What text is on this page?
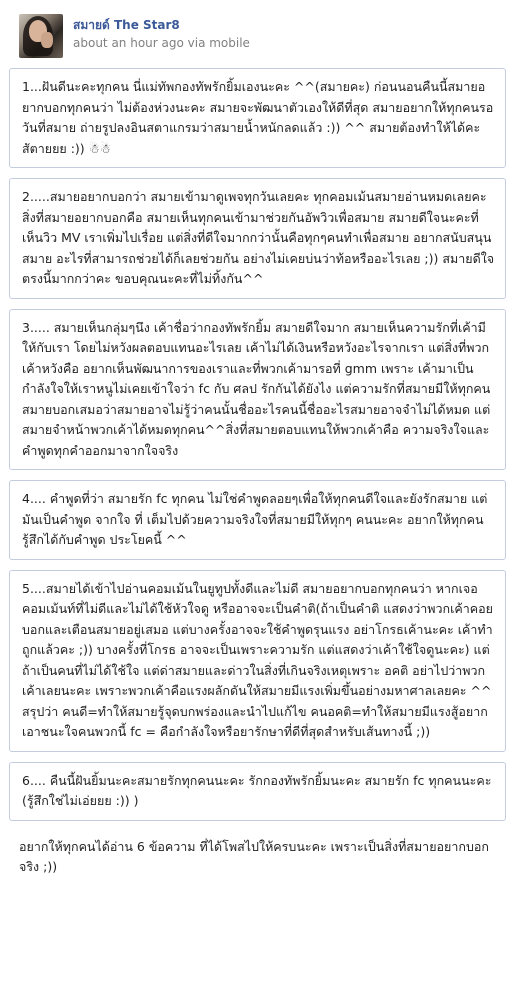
สมายด์ The Star8
about an hour ago via mobile

1...ฝันดีนะคะทุกคน นี่แม่ทัพกองทัพรักยิ้มเองนะคะ ^^(สมายคะ) ก่อนนอนคืนนี้สมายอยากบอกทุกคนว่า ไม่ต้องห่วงนะคะ สมายจะพัฒนาตัวเองให้ดีที่สุด สมายอยากให้ทุกคนรอวันที่สมาย ถ่ายรูปลงอินสตาแกรมว่าสมายน้ำหนักลดแล้ว :)) ^^ สมายต้องทำให้ได้คะ สัตายยย :)) ☃☃

2.....สมายอยากบอกว่า สมายเข้ามาดูเพจทุกวันเลยคะ ทุกคอมเม้นสมายอ่านหมดเลยคะ สิ่งที่สมายอยากบอกคือ สมายเห็นทุกคนเข้ามาช่วยกันอัพวิวเพื่อสมาย สมายดีใจนะคะที่เห็นวิว MV เราเพิ่มไปเรื่อย แต่สิ่งที่ดีใจมากกว่านั้นคือทุกๆคนทำเพื่อสมาย อยากสนับสนุนสมาย อะไรที่สามารถช่วยได้ก็เลยช่วยกัน อย่างไม่เคยบ่นว่าท้อหรืออะไรเลย ;)) สมายดีใจตรงนี้มากกว่าคะ ขอบคุณนะคะที่ไม่ทิ้งกัน^^

3..... สมายเห็นกลุ่มๆนึง เค้าชื่อว่ากองทัพรักยิ้ม สมายดีใจมาก สมายเห็นความรักที่เค้ามีให้กับเรา โดยไม่หวังผลตอบแทนอะไรเลย เค้าไม่ได้เงินหรือหวังอะไรจากเรา แต่สิ่งที่พวกเค้าหวังคือ อยากเห็นพัฒนาการของเราและที่พวกเค้ามารอที่ gmm เพราะ เค้ามาเป็นกำลังใจให้เราหนูไม่เคยเข้าใจว่า fc กับ ศลป รักกันได้ยังไง แต่ความรักที่สมายมีให้ทุกคน สมายบอกเสมอว่าสมายอาจไม่รู้ว่าคนนั้นชื่ออะไรคนนี้ชื่ออะไรสมายอาจจำไม่ได้หมด แต่สมายจำหน้าพวกเค้าได้หมดทุกคน^^สิ่งที่สมายตอบแทนให้พวกเค้าคือ ความจริงใจและคำพูดทุกคำออกมาจากใจจริง

4.... คำพูดที่ว่า สมายรัก fc ทุกคน ไม่ใช่คำพูดลอยๆเพื่อให้ทุกคนดีใจและยังรักสมาย แต่มันเป็นคำพูด จากใจ ที่ เต็มไปด้วยความจริงใจที่สมายมีให้ทุกๆ คนนะคะ อยากให้ทุกคนรู้สึกได้กับคำพูด ประโยคนี้ ^^

5....สมายได้เข้าไปอ่านคอมเม้นในยูทูปทั้งดีและไม่ดี สมายอยากบอกทุกคนว่า หากเจอคอมเม้นท์ที่ไม่ดีและไม่ได้ใช้หัวใจดู หรืออาจจะเป็นคำติ(ถ้าเป็นคำติ แสดงว่าพวกเค้าคอยบอกและเตือนสมายอยู่เสมอ แต่บางครั้งอาจจะใช้คำพูดรุนแรง อย่าโกรธเค้านะคะ เค้าทำถูกแล้วคะ ;)) บางครั้งที่โกรธ อาจจะเป็นเพราะความรัก แต่แสดงว่าเค้าใช้ใจดูนะคะ) แต่ถ้าเป็นคนที่ไม่ได้ใช้ใจ แต่ด่าสมายและด่าวในสิ่งที่เกินจริงเหตุเพราะ อคติ อย่าไปว่าพวกเค้าเลยนะคะ เพราะพวกเค้าคือแรงผลักดันให้สมายมีแรงเพิ่มขึ้นอย่างมหาศาลเลยคะ ^^ สรุปว่า คนดี=ทำให้สมายรู้จุดบกพร่องและนำไปแก้ไข คนอคติ=ทำให้สมายมีแรงสู้อยากเอาชนะใจคนพวกนี้ fc = คือกำลังใจหรือยารักษาที่ดีที่สุดสำหรับเส้นทางนี้ ;))

6.... คืนนี้ฝันยิ้มนะคะสมายรักทุกคนนะคะ รักกองทัพรักยิ้มนะคะ สมายรัก fc ทุกคนนะคะ (รู้สึกใช่ไม่เอ่ยยย :)) )

อยากให้ทุกคนได้อ่าน 6 ข้อความ ที่ได้โพสไปให้ครบนะคะ เพราะเป็นสิ่งที่สมายอยากบอกจริง ;))
